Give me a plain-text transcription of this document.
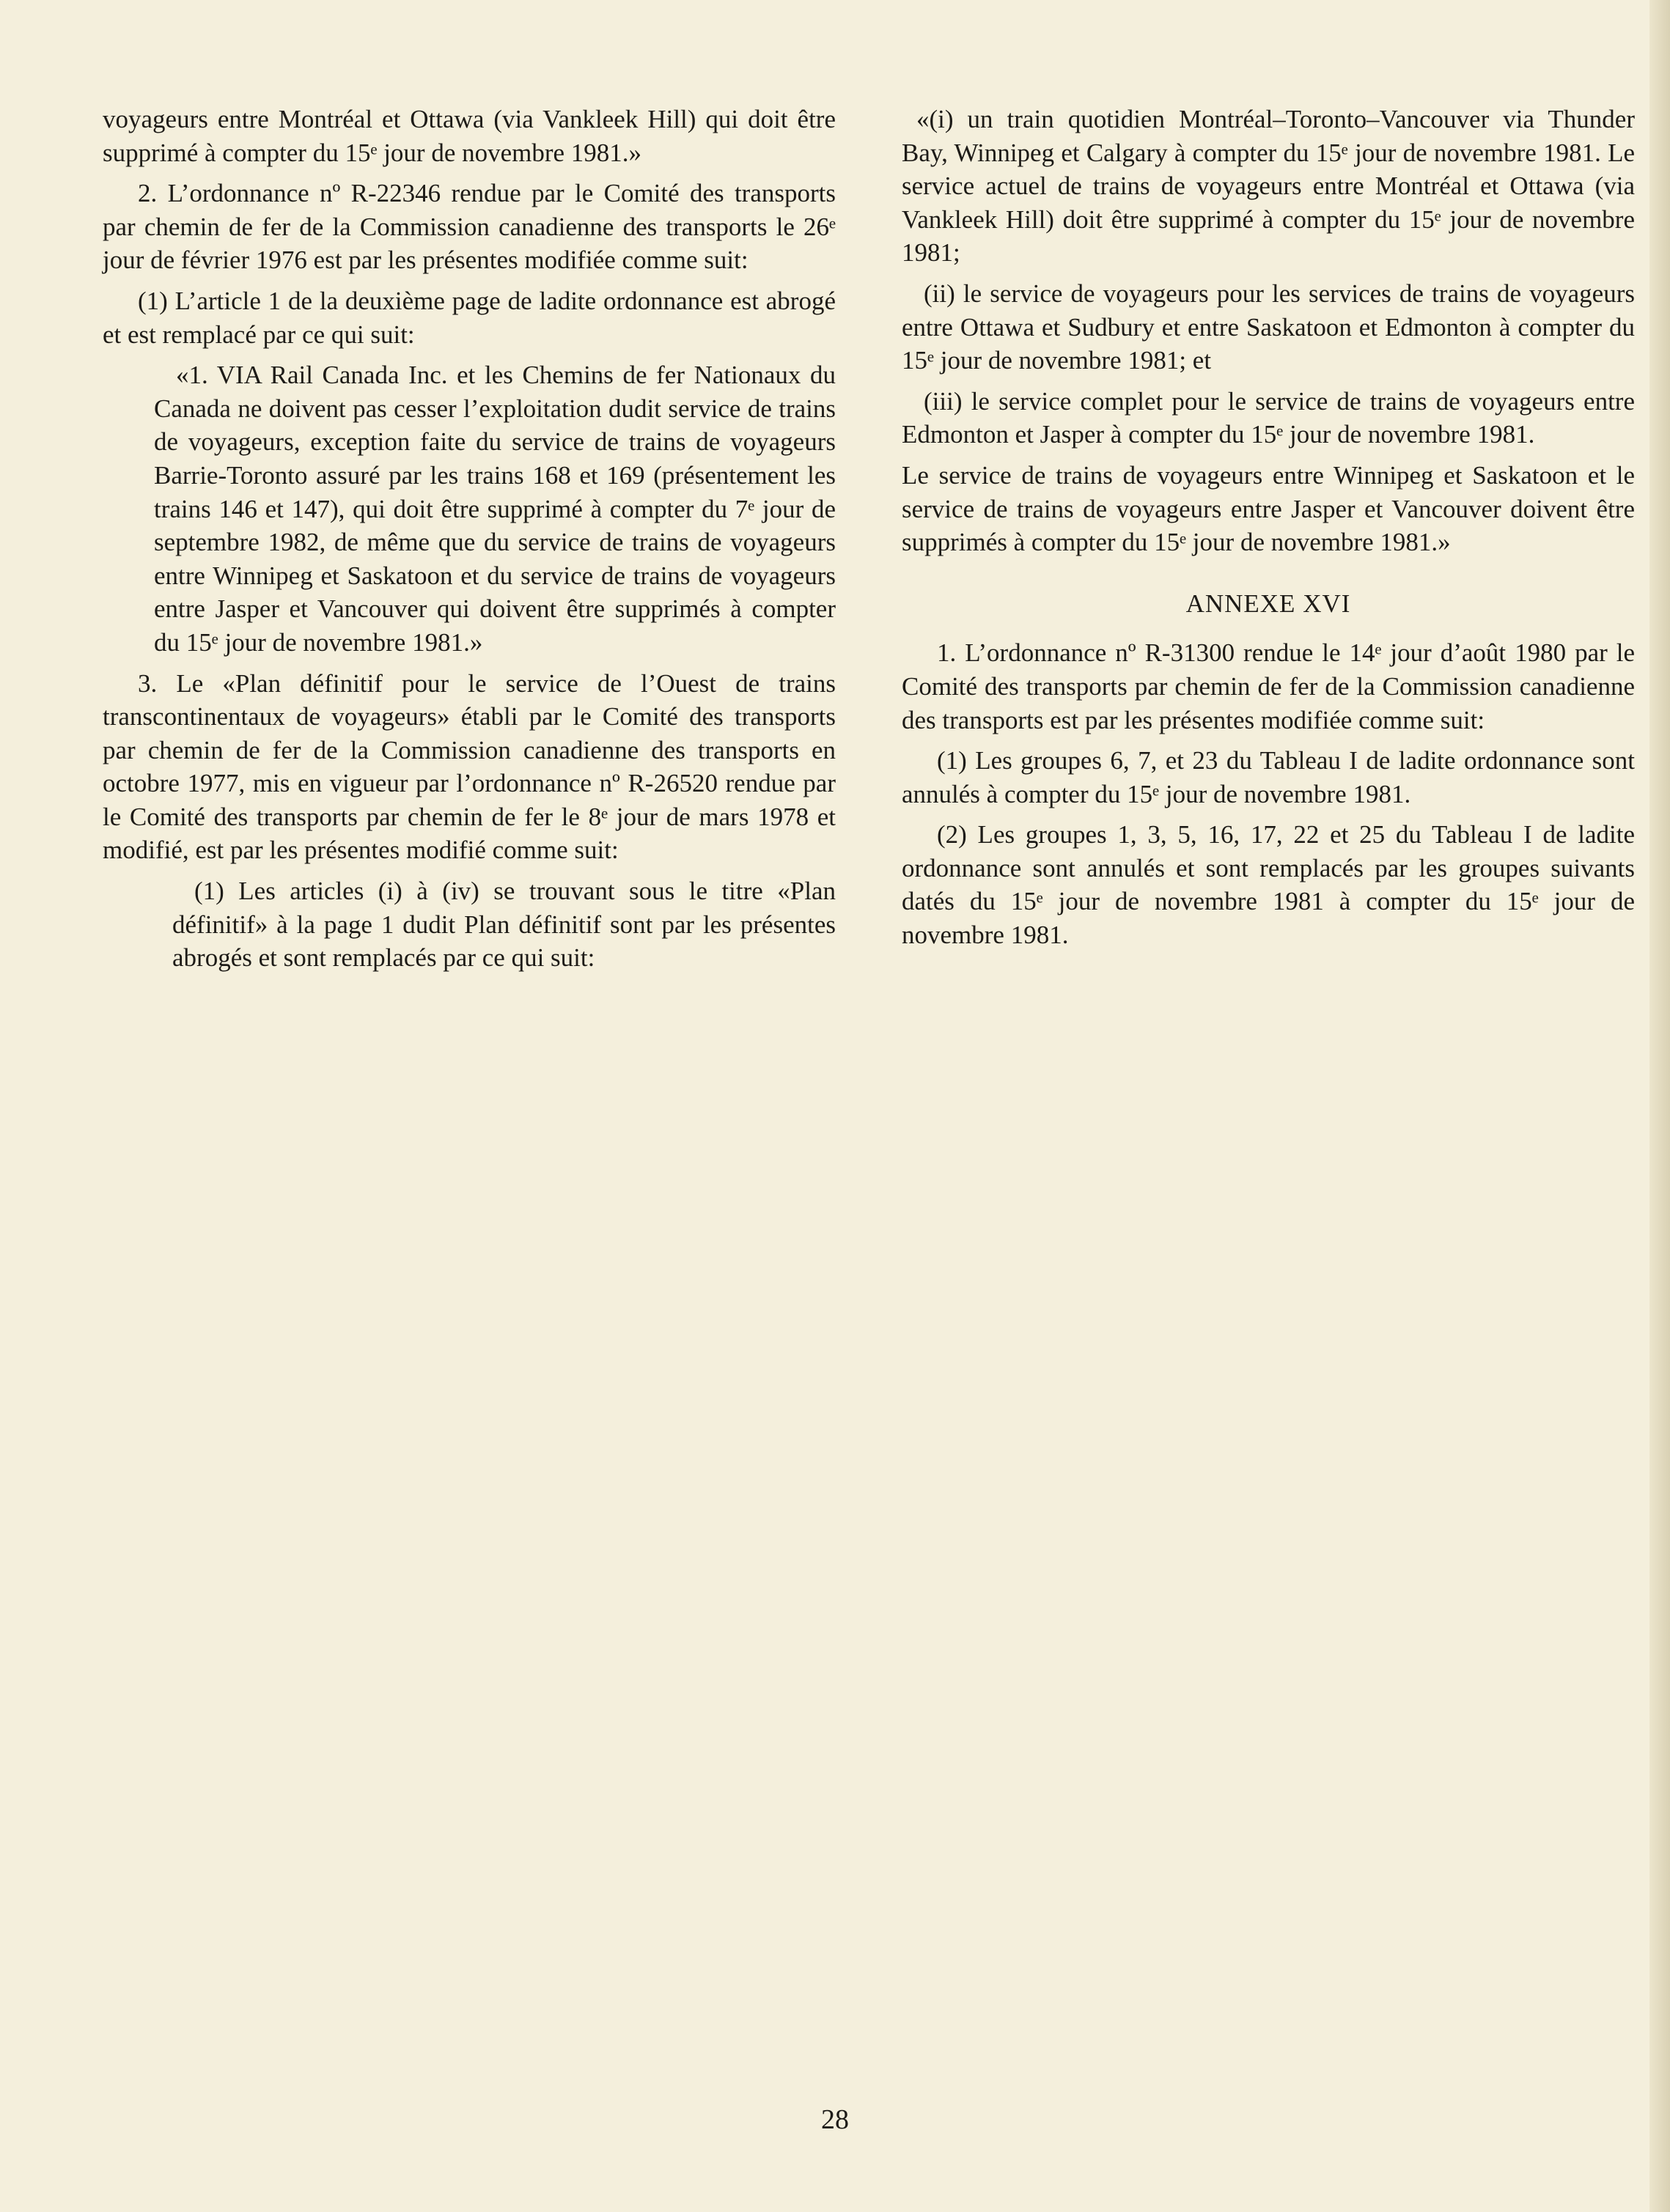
voyageurs entre Montréal et Ottawa (via Vankleek Hill) qui doit être supprimé à compter du 15ᵉ jour de novembre 1981.»

2. L’ordonnance nº R-22346 rendue par le Comité des transports par chemin de fer de la Commission canadienne des transports le 26ᵉ jour de février 1976 est par les présentes modifiée comme suit:

(1) L’article 1 de la deuxième page de ladite ordonnance est abrogé et est remplacé par ce qui suit:

«1. VIA Rail Canada Inc. et les Chemins de fer Nationaux du Canada ne doivent pas cesser l’exploitation dudit service de trains de voyageurs, exception faite du service de trains de voyageurs Barrie-Toronto assuré par les trains 168 et 169 (présentement les trains 146 et 147), qui doit être supprimé à compter du 7ᵉ jour de septembre 1982, de même que du service de trains de voyageurs entre Winnipeg et Saskatoon et du service de trains de voyageurs entre Jasper et Vancouver qui doivent être supprimés à compter du 15ᵉ jour de novembre 1981.»

3. Le «Plan définitif pour le service de l’Ouest de trains transcontinentaux de voyageurs» établi par le Comité des transports par chemin de fer de la Commission canadienne des transports en octobre 1977, mis en vigueur par l’ordonnance nº R-26520 rendue par le Comité des transports par chemin de fer le 8ᵉ jour de mars 1978 et modifié, est par les présentes modifié comme suit:

(1) Les articles (i) à (iv) se trouvant sous le titre «Plan définitif» à la page 1 dudit Plan définitif sont par les présentes abrogés et sont remplacés par ce qui suit:

«(i) un train quotidien Montréal–Toronto–Vancouver via Thunder Bay, Winnipeg et Calgary à compter du 15ᵉ jour de novembre 1981. Le service actuel de trains de voyageurs entre Montréal et Ottawa (via Vankleek Hill) doit être supprimé à compter du 15ᵉ jour de novembre 1981;

(ii) le service de voyageurs pour les services de trains de voyageurs entre Ottawa et Sudbury et entre Saskatoon et Edmonton à compter du 15ᵉ jour de novembre 1981; et

(iii) le service complet pour le service de trains de voyageurs entre Edmonton et Jasper à compter du 15ᵉ jour de novembre 1981.

Le service de trains de voyageurs entre Winnipeg et Saskatoon et le service de trains de voyageurs entre Jasper et Vancouver doivent être supprimés à compter du 15ᵉ jour de novembre 1981.»

ANNEXE XVI

1. L’ordonnance nº R-31300 rendue le 14ᵉ jour d’août 1980 par le Comité des transports par chemin de fer de la Commission canadienne des transports est par les présentes modifiée comme suit:

(1) Les groupes 6, 7, et 23 du Tableau I de ladite ordonnance sont annulés à compter du 15ᵉ jour de novembre 1981.

(2) Les groupes 1, 3, 5, 16, 17, 22 et 25 du Tableau I de ladite ordonnance sont annulés et sont remplacés par les groupes suivants datés du 15ᵉ jour de novembre 1981 à compter du 15ᵉ jour de novembre 1981.

28
